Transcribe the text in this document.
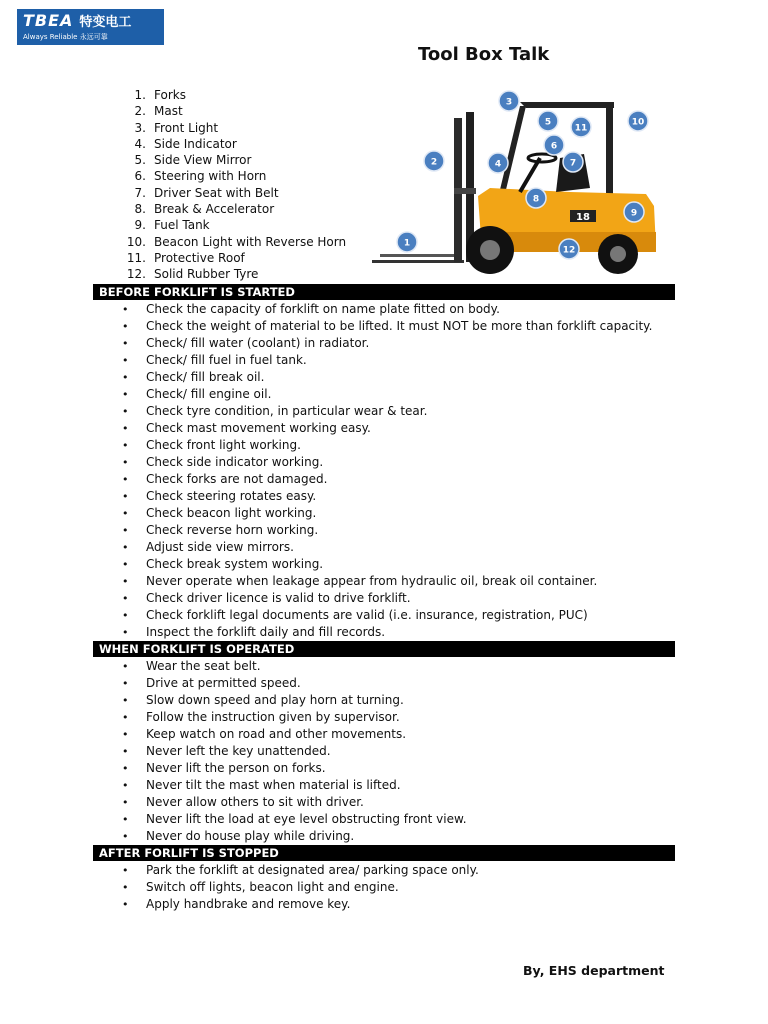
TBEA 特变电工
Always Reliable 永远可靠
Tool Box Talk
1. Forks
2. Mast
3. Front Light
4. Side Indicator
5. Side View Mirror
6. Steering with Horn
7. Driver Seat with Belt
8. Break & Accelerator
9. Fuel Tank
10. Beacon Light with Reverse Horn
11. Protective Roof
12. Solid Rubber Tyre
18
1
2
3
4
5
6
7
8
9
10
11
12
BEFORE FORKLIFT IS STARTED
•	Check the capacity of forklift on name plate fitted on body.
•	Check the weight of material to be lifted. It must NOT be more than forklift capacity.
•	Check/ fill water (coolant) in radiator.
•	Check/ fill fuel in fuel tank.
•	Check/ fill break oil.
•	Check/ fill engine oil.
•	Check tyre condition, in particular wear & tear.
•	Check mast movement working easy.
•	Check front light working.
•	Check side indicator working.
•	Check forks are not damaged.
•	Check steering rotates easy.
•	Check beacon light working.
•	Check reverse horn working.
•	Adjust side view mirrors.
•	Check break system working.
•	Never operate when leakage appear from hydraulic oil, break oil container.
•	Check driver licence is valid to drive forklift.
•	Check forklift legal documents are valid (i.e. insurance, registration, PUC)
•	Inspect the forklift daily and fill records.
WHEN FORKLIFT IS OPERATED
•	Wear the seat belt.
•	Drive at permitted speed.
•	Slow down speed and play horn at turning.
•	Follow the instruction given by supervisor.
•	Keep watch on road and other movements.
•	Never left the key unattended.
•	Never lift the person on forks.
•	Never tilt the mast when material is lifted.
•	Never allow others to sit with driver.
•	Never lift the load at eye level obstructing front view.
•	Never do house play while driving.
AFTER FORLIFT IS STOPPED
•	Park the forklift at designated area/ parking space only.
•	Switch off lights, beacon light and engine.
•	Apply handbrake and remove key.
By, EHS department
